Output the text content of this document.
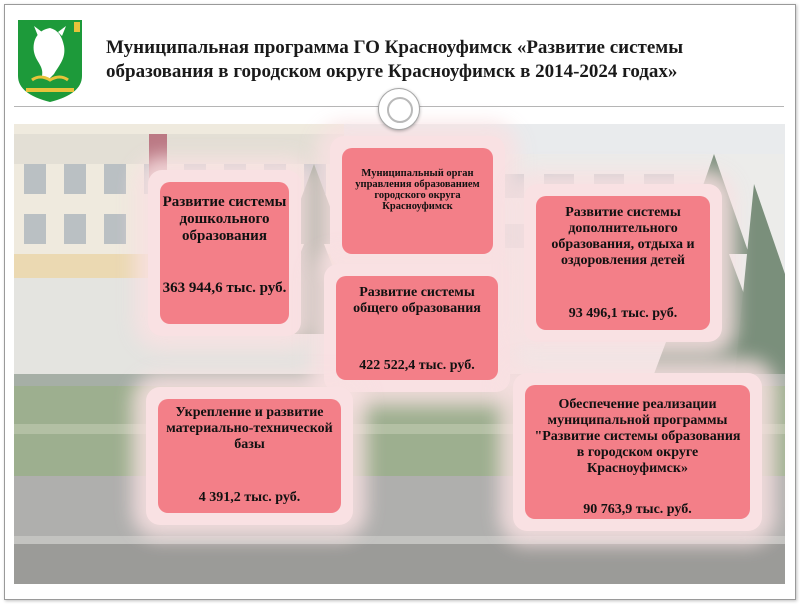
Муниципальная программа ГО Красноуфимск «Развитие системы образования в городском округе Красноуфимск в 2014-2024 годах»
Развитие системы дошкольного образования
363 944,6 тыс. руб.
Муниципальный орган управления образованием городского округа Красноуфимск
Развитие системы общего образования
422 522,4 тыс. руб.
Развитие системы дополнительного образования, отдыха и оздоровления детей
93 496,1 тыс. руб.
Укрепление и развитие материально-технической базы
4 391,2 тыс. руб.
Обеспечение реализации муниципальной программы "Развитие системы образования в городском округе Красноуфимск»
90 763,9 тыс. руб.
